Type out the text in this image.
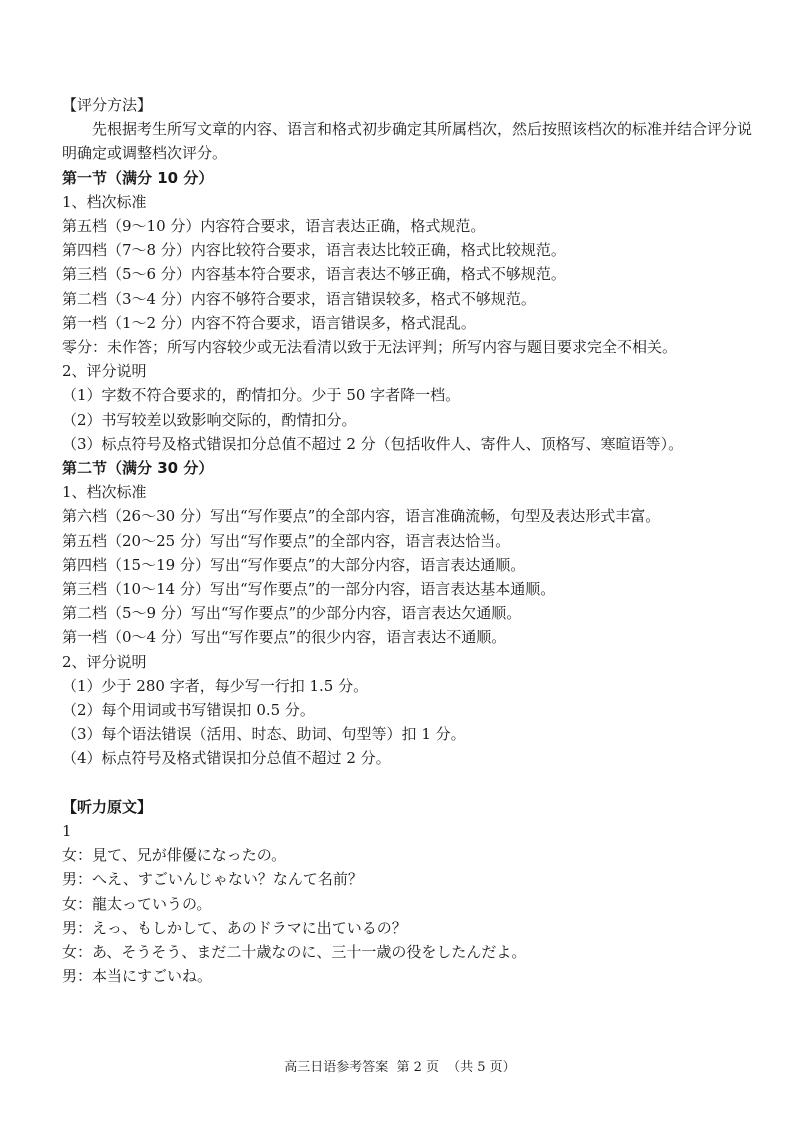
【评分方法】
先根据考生所写文章的内容、语言和格式初步确定其所属档次，然后按照该档次的标准并结合评分说明确定或调整档次评分。
第一节（满分 10 分）
1、档次标准
第五档（9～10 分）内容符合要求，语言表达正确，格式规范。
第四档（7～8 分）内容比较符合要求，语言表达比较正确，格式比较规范。
第三档（5～6 分）内容基本符合要求，语言表达不够正确，格式不够规范。
第二档（3～4 分）内容不够符合要求，语言错误较多，格式不够规范。
第一档（1～2 分）内容不符合要求，语言错误多，格式混乱。
零分：未作答；所写内容较少或无法看清以致于无法评判；所写内容与题目要求完全不相关。
2、评分说明
（1）字数不符合要求的，酌情扣分。少于 50 字者降一档。
（2）书写较差以致影响交际的，酌情扣分。
（3）标点符号及格式错误扣分总值不超过 2 分（包括收件人、寄件人、顶格写、寒暄语等）。
第二节（满分 30 分）
1、档次标准
第六档（26～30 分）写出“写作要点”的全部内容，语言准确流畅，句型及表达形式丰富。
第五档（20～25 分）写出“写作要点”的全部内容，语言表达恰当。
第四档（15～19 分）写出“写作要点”的大部分内容，语言表达通顺。
第三档（10～14 分）写出“写作要点”的一部分内容，语言表达基本通顺。
第二档（5～9 分）写出“写作要点”的少部分内容，语言表达欠通顺。
第一档（0～4 分）写出“写作要点”的很少内容，语言表达不通顺。
2、评分说明
（1）少于 280 字者，每少写一行扣 1.5 分。
（2）每个用词或书写错误扣 0.5 分。
（3）每个语法错误（活用、时态、助词、句型等）扣 1 分。
（4）标点符号及格式错误扣分总值不超过 2 分。
【听力原文】
1
女：見て、兄が俳優になったの。
男：へえ、すごいんじゃない？なんて名前？
女：龍太っていうの。
男：えっ、もしかして、あのドラマに出ているの？
女：あ、そうそう、まだ二十歳なのに、三十一歳の役をしたんだよ。
男：本当にすごいね。
高三日语参考答案 第 2 页 （共 5 页）
